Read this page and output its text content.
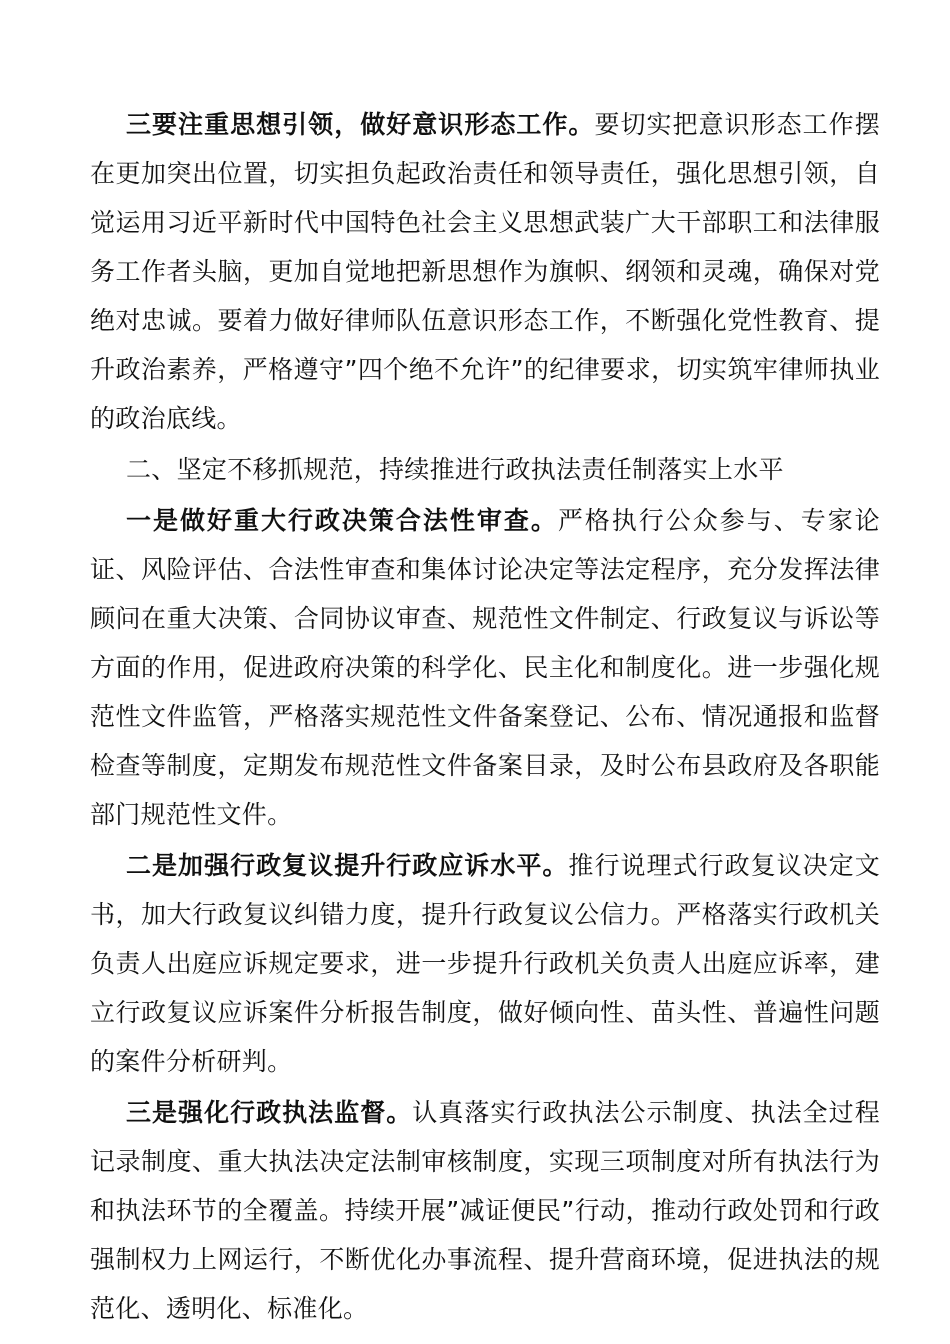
三要注重思想引领，做好意识形态工作。要切实把意识形态工作摆在更加突出位置，切实担负起政治责任和领导责任，强化思想引领，自觉运用习近平新时代中国特色社会主义思想武装广大干部职工和法律服务工作者头脑，更加自觉地把新思想作为旗帜、纲领和灵魂，确保对党绝对忠诚。要着力做好律师队伍意识形态工作，不断强化党性教育、提升政治素养，严格遵守”四个绝不允许”的纪律要求，切实筑牢律师执业的政治底线。

二、坚定不移抓规范，持续推进行政执法责任制落实上水平

一是做好重大行政决策合法性审查。严格执行公众参与、专家论证、风险评估、合法性审查和集体讨论决定等法定程序，充分发挥法律顾问在重大决策、合同协议审查、规范性文件制定、行政复议与诉讼等方面的作用，促进政府决策的科学化、民主化和制度化。进一步强化规范性文件监管，严格落实规范性文件备案登记、公布、情况通报和监督检查等制度，定期发布规范性文件备案目录，及时公布县政府及各职能部门规范性文件。

二是加强行政复议提升行政应诉水平。推行说理式行政复议决定文书，加大行政复议纠错力度，提升行政复议公信力。严格落实行政机关负责人出庭应诉规定要求，进一步提升行政机关负责人出庭应诉率，建立行政复议应诉案件分析报告制度，做好倾向性、苗头性、普遍性问题的案件分析研判。

三是强化行政执法监督。认真落实行政执法公示制度、执法全过程记录制度、重大执法决定法制审核制度，实现三项制度对所有执法行为和执法环节的全覆盖。持续开展”减证便民”行动，推动行政处罚和行政强制权力上网运行，不断优化办事流程、提升营商环境，促进执法的规范化、透明化、标准化。
